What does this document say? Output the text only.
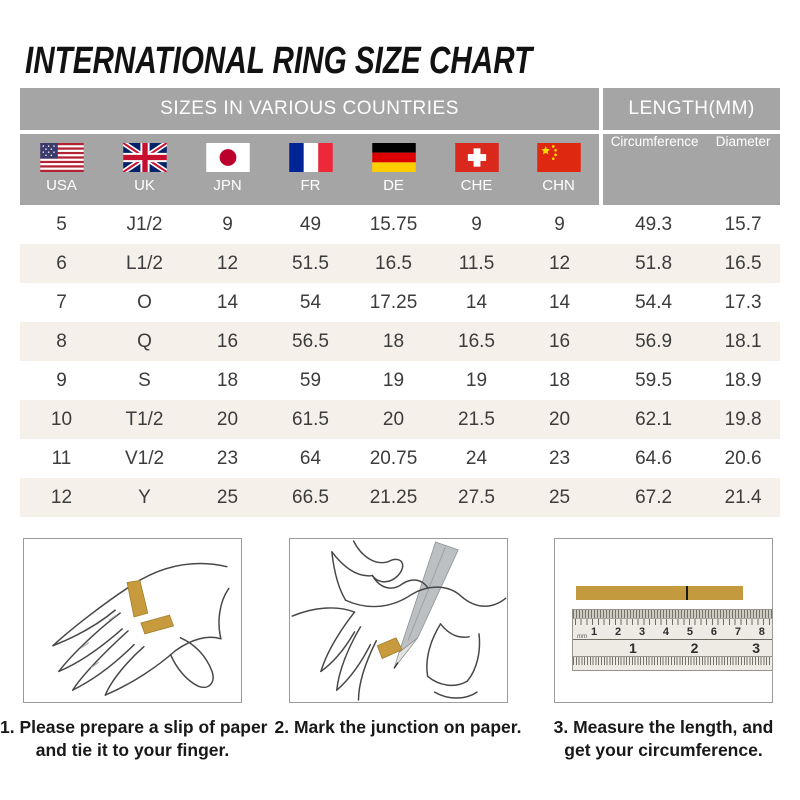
INTERNATIONAL RING SIZE CHART
SIZES IN VARIOUS COUNTRIES							LENGTH(MM)	

USA	UK	JPN	FR	DE	CHE	CHN	Circumference	Diameter
5	J1/2	9	49	15.75	9	9	49.3	15.7
6	L1/2	12	51.5	16.5	11.5	12	51.8	16.5
7	O	14	54	17.25	14	14	54.4	17.3
8	Q	16	56.5	18	16.5	16	56.9	18.1
9	S	18	59	19	19	18	59.5	18.9
10	T1/2	20	61.5	20	21.5	20	62.1	19.8
11	V1/2	23	64	20.75	24	23	64.6	20.6
12	Y	25	66.5	21.25	27.5	25	67.2	21.4
1. Please prepare a slip of paper
and tie it to your finger.
2. Mark the junction on paper.
mm 1 2 3 4 5 6 7 8
1	2	3
3. Measure the length, and
get your circumference.
